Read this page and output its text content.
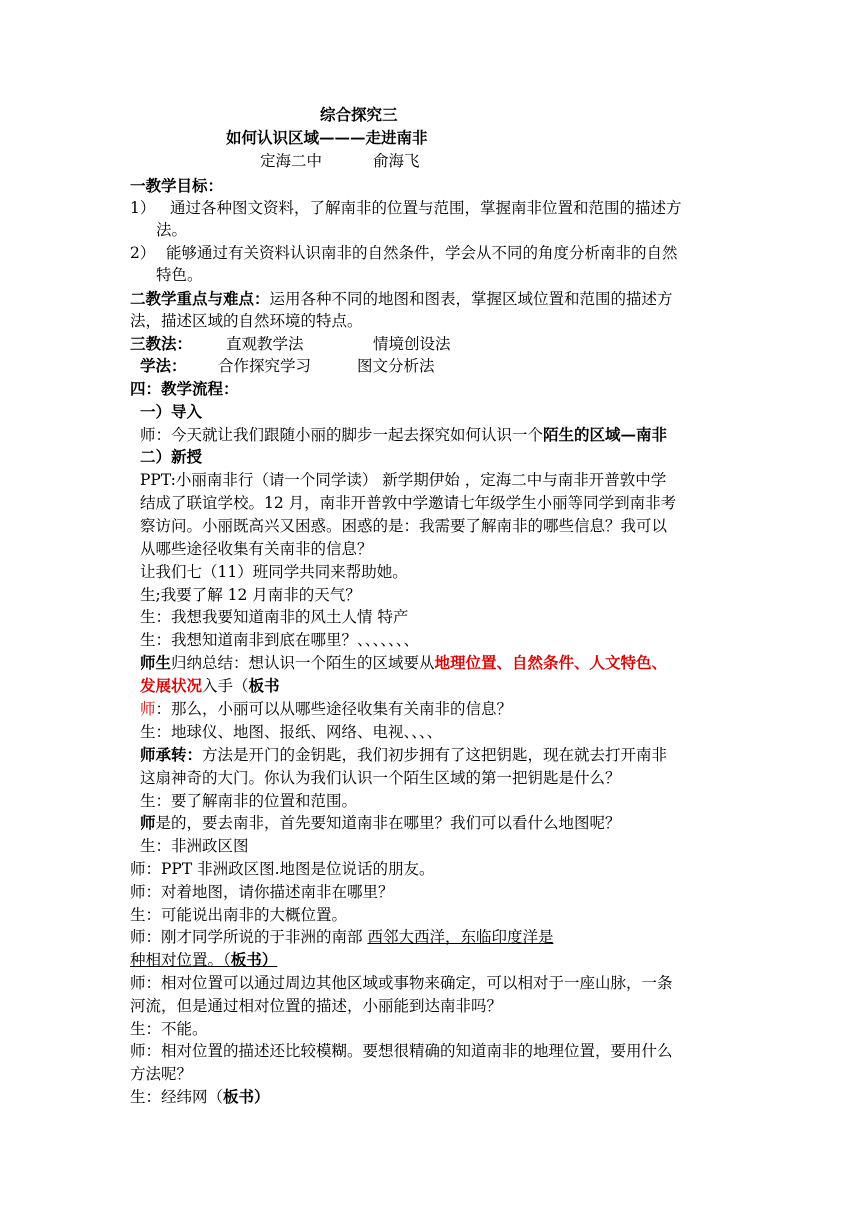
综合探究三
如何认识区域———走进南非
定海二中	俞海飞
一教学目标：
1） 通过各种图文资料，了解南非的位置与范围，掌握南非位置和范围的描述方
法。
2） 能够通过有关资料认识南非的自然条件，学会从不同的角度分析南非的自然
特色。
二教学重点与难点：运用各种不同的地图和图表，掌握区域位置和范围的描述方
法，描述区域的自然环境的特点。
三教法： 直观教学法	情境创设法
学法： 合作探究学习	图文分析法
四：教学流程：
一）导入
师：今天就让我们跟随小丽的脚步一起去探究如何认识一个陌生的区域—南非
二）新授
PPT:小丽南非行（请一个同学读） 新学期伊始 ，定海二中与南非开普敦中学
结成了联谊学校。12 月，南非开普敦中学邀请七年级学生小丽等同学到南非考
察访问。小丽既高兴又困惑。困惑的是：我需要了解南非的哪些信息？我可以
从哪些途径收集有关南非的信息？
让我们七（11）班同学共同来帮助她。
生;我要了解 12 月南非的天气？
生：我想我要知道南非的风土人情 特产
生：我想知道南非到底在哪里？、、、、、、、
师生归纳总结：想认识一个陌生的区域要从地理位置、自然条件、人文特色、
发展状况入手（板书
师：那么，小丽可以从哪些途径收集有关南非的信息？
生：地球仪、地图、报纸、网络、电视、、、、
师承转：方法是开门的金钥匙，我们初步拥有了这把钥匙，现在就去打开南非
这扇神奇的大门。你认为我们认识一个陌生区域的第一把钥匙是什么？
生：要了解南非的位置和范围。
师是的，要去南非，首先要知道南非在哪里？我们可以看什么地图呢？
生：非洲政区图
师：PPT 非洲政区图.地图是位说话的朋友。
师：对着地图，请你描述南非在哪里？
生：可能说出南非的大概位置。
师：刚才同学所说的于非洲的南部 西邻大西洋，东临印度洋是
种相对位置。（板书）
师：相对位置可以通过周边其他区域或事物来确定，可以相对于一座山脉，一条
河流，但是通过相对位置的描述，小丽能到达南非吗？
生：不能。
师：相对位置的描述还比较模糊。要想很精确的知道南非的地理位置，要用什么
方法呢？
生：经纬网（板书）
